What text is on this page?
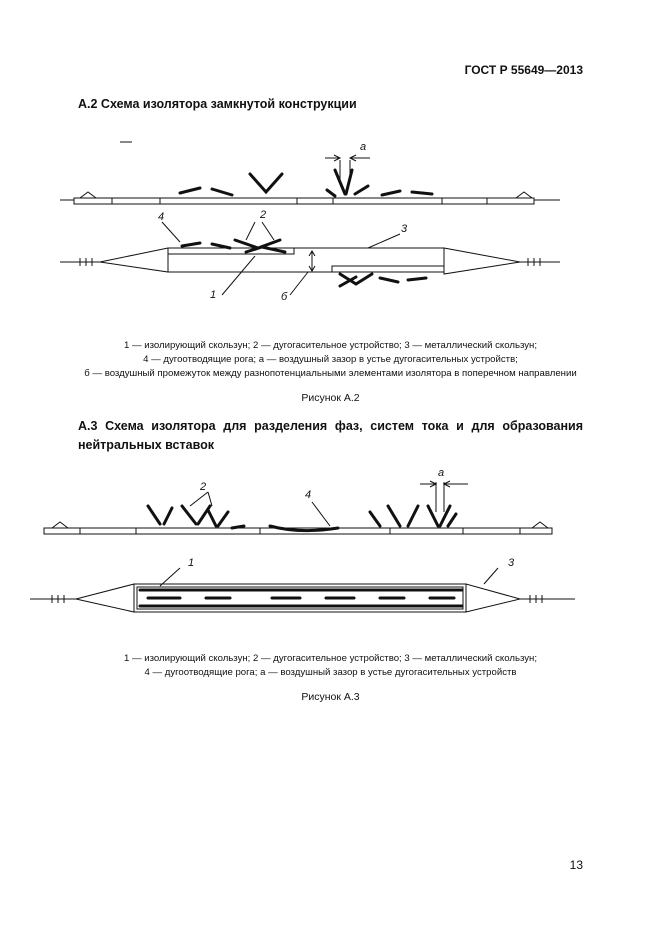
ГОСТ Р 55649—2013
А.2 Схема изолятора замкнутой конструкции
а
4	2
3
1	б
1 — изолирующий скользун; 2 — дугогасительное устройство; 3 — металлический скользун;
4 — дугоотводящие рога; а — воздушный зазор в устье дугогасительных устройств;
б — воздушный промежуток между разнопотенциальными элементами изолятора в поперечном направлении
Рисунок А.2
А.3 Схема изолятора для разделения фаз, систем тока и для образования нейтральных вставок
2
4
а
1	3
1 — изолирующий скользун; 2 — дугогасительное устройство; 3 — металлический скользун;
4 — дугоотводящие рога; а — воздушный зазор в устье дугогасительных устройств
Рисунок А.3
13
